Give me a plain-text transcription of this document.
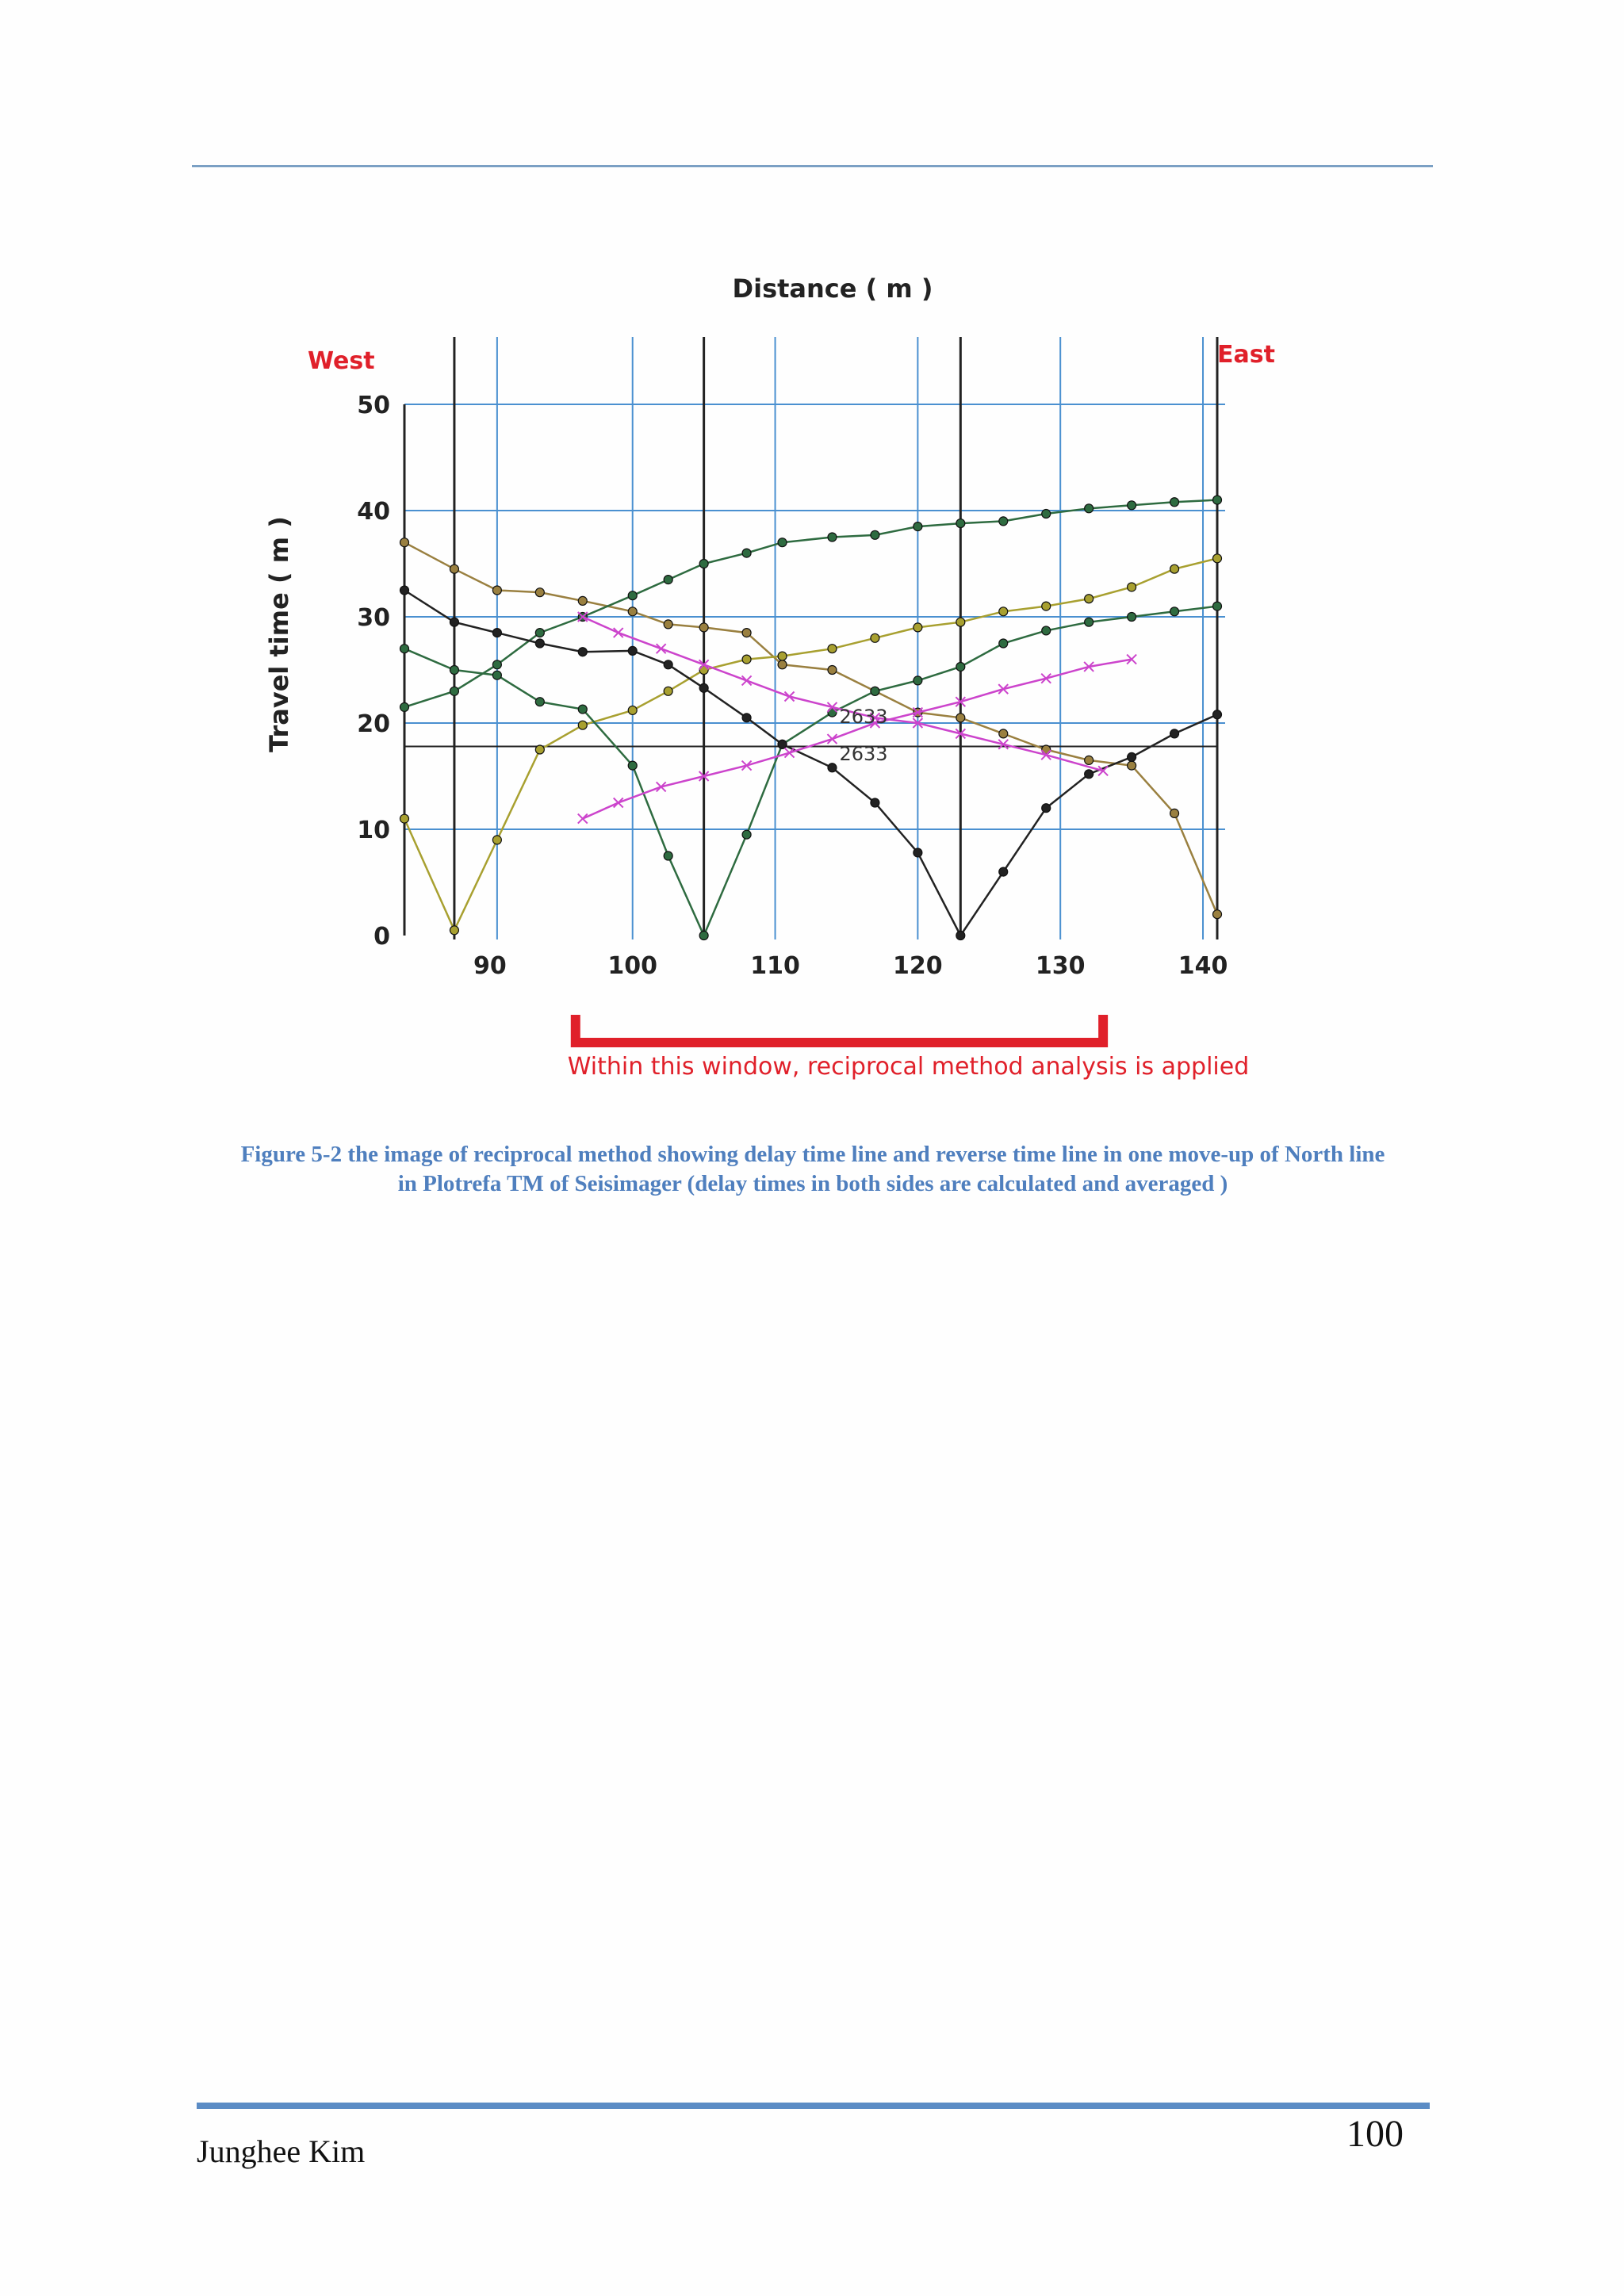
Distance ( m )
West	East
Travel time ( m )
90	100	110	120	130	140
0
10
20
30
40
50
2633
2633
Within this window, reciprocal method analysis is applied
Figure 5-2 the image of reciprocal method showing delay time line and reverse time line in one move-up of North line
in Plotrefa TM of Seisimager (delay times in both sides are calculated and averaged )
Junghee Kim	100
